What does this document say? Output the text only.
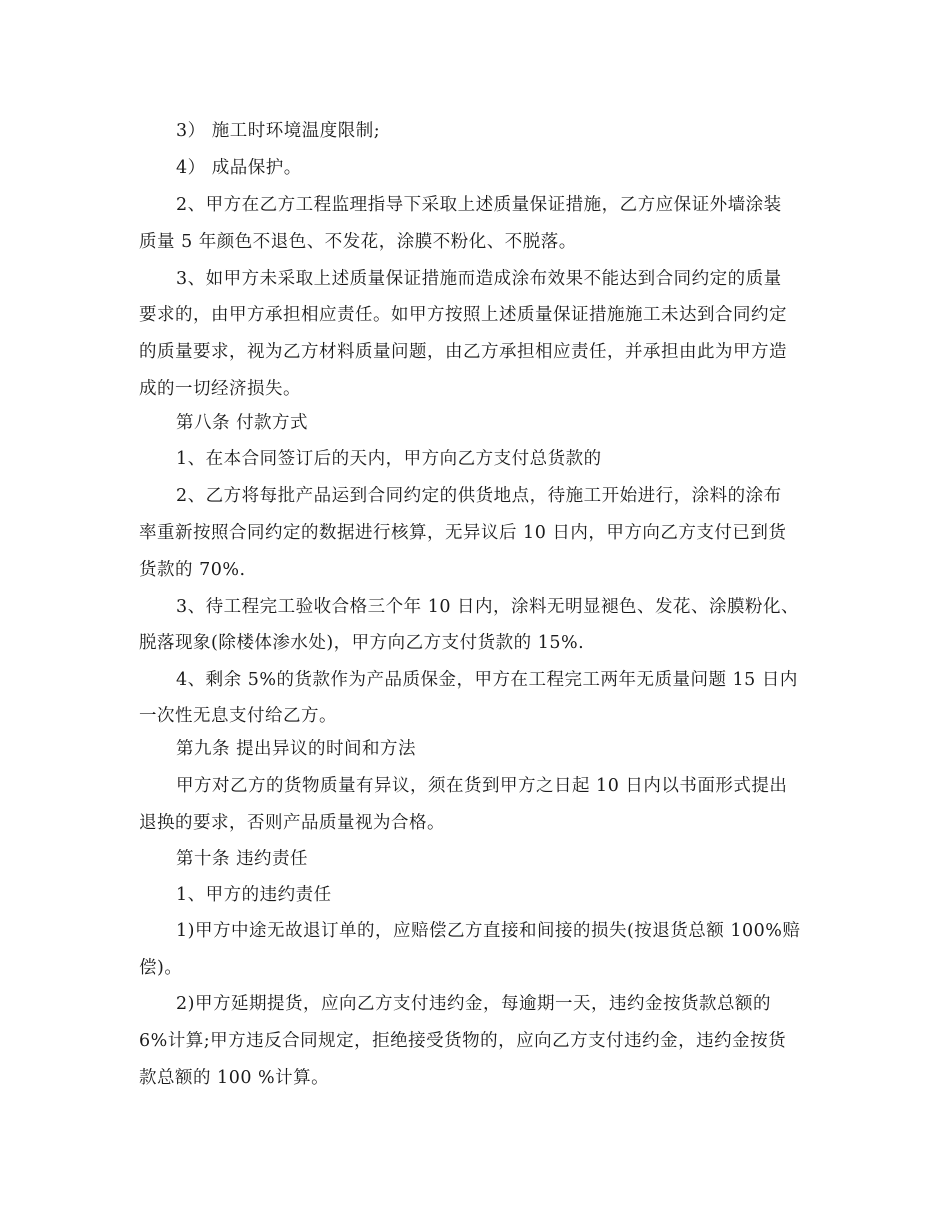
3） 施工时环境温度限制;
4） 成品保护。
2、甲方在乙方工程监理指导下采取上述质量保证措施，乙方应保证外墙涂装
质量 5 年颜色不退色、不发花，涂膜不粉化、不脱落。
3、如甲方未采取上述质量保证措施而造成涂布效果不能达到合同约定的质量
要求的，由甲方承担相应责任。如甲方按照上述质量保证措施施工未达到合同约定
的质量要求，视为乙方材料质量问题，由乙方承担相应责任，并承担由此为甲方造
成的一切经济损失。
第八条 付款方式
1、在本合同签订后的天内，甲方向乙方支付总货款的
2、乙方将每批产品运到合同约定的供货地点，待施工开始进行，涂料的涂布
率重新按照合同约定的数据进行核算，无异议后 10 日内，甲方向乙方支付已到货
货款的 70%.
3、待工程完工验收合格三个年 10 日内，涂料无明显褪色、发花、涂膜粉化、
脱落现象(除楼体渗水处)，甲方向乙方支付货款的 15%.
4、剩余 5%的货款作为产品质保金，甲方在工程完工两年无质量问题 15 日内
一次性无息支付给乙方。
第九条 提出异议的时间和方法
甲方对乙方的货物质量有异议，须在货到甲方之日起 10 日内以书面形式提出
退换的要求，否则产品质量视为合格。
第十条 违约责任
1、甲方的违约责任
1)甲方中途无故退订单的，应赔偿乙方直接和间接的损失(按退货总额 100%赔
偿)。
2)甲方延期提货，应向乙方支付违约金，每逾期一天，违约金按货款总额的
6%计算;甲方违反合同规定，拒绝接受货物的，应向乙方支付违约金，违约金按货
款总额的 100 %计算。
